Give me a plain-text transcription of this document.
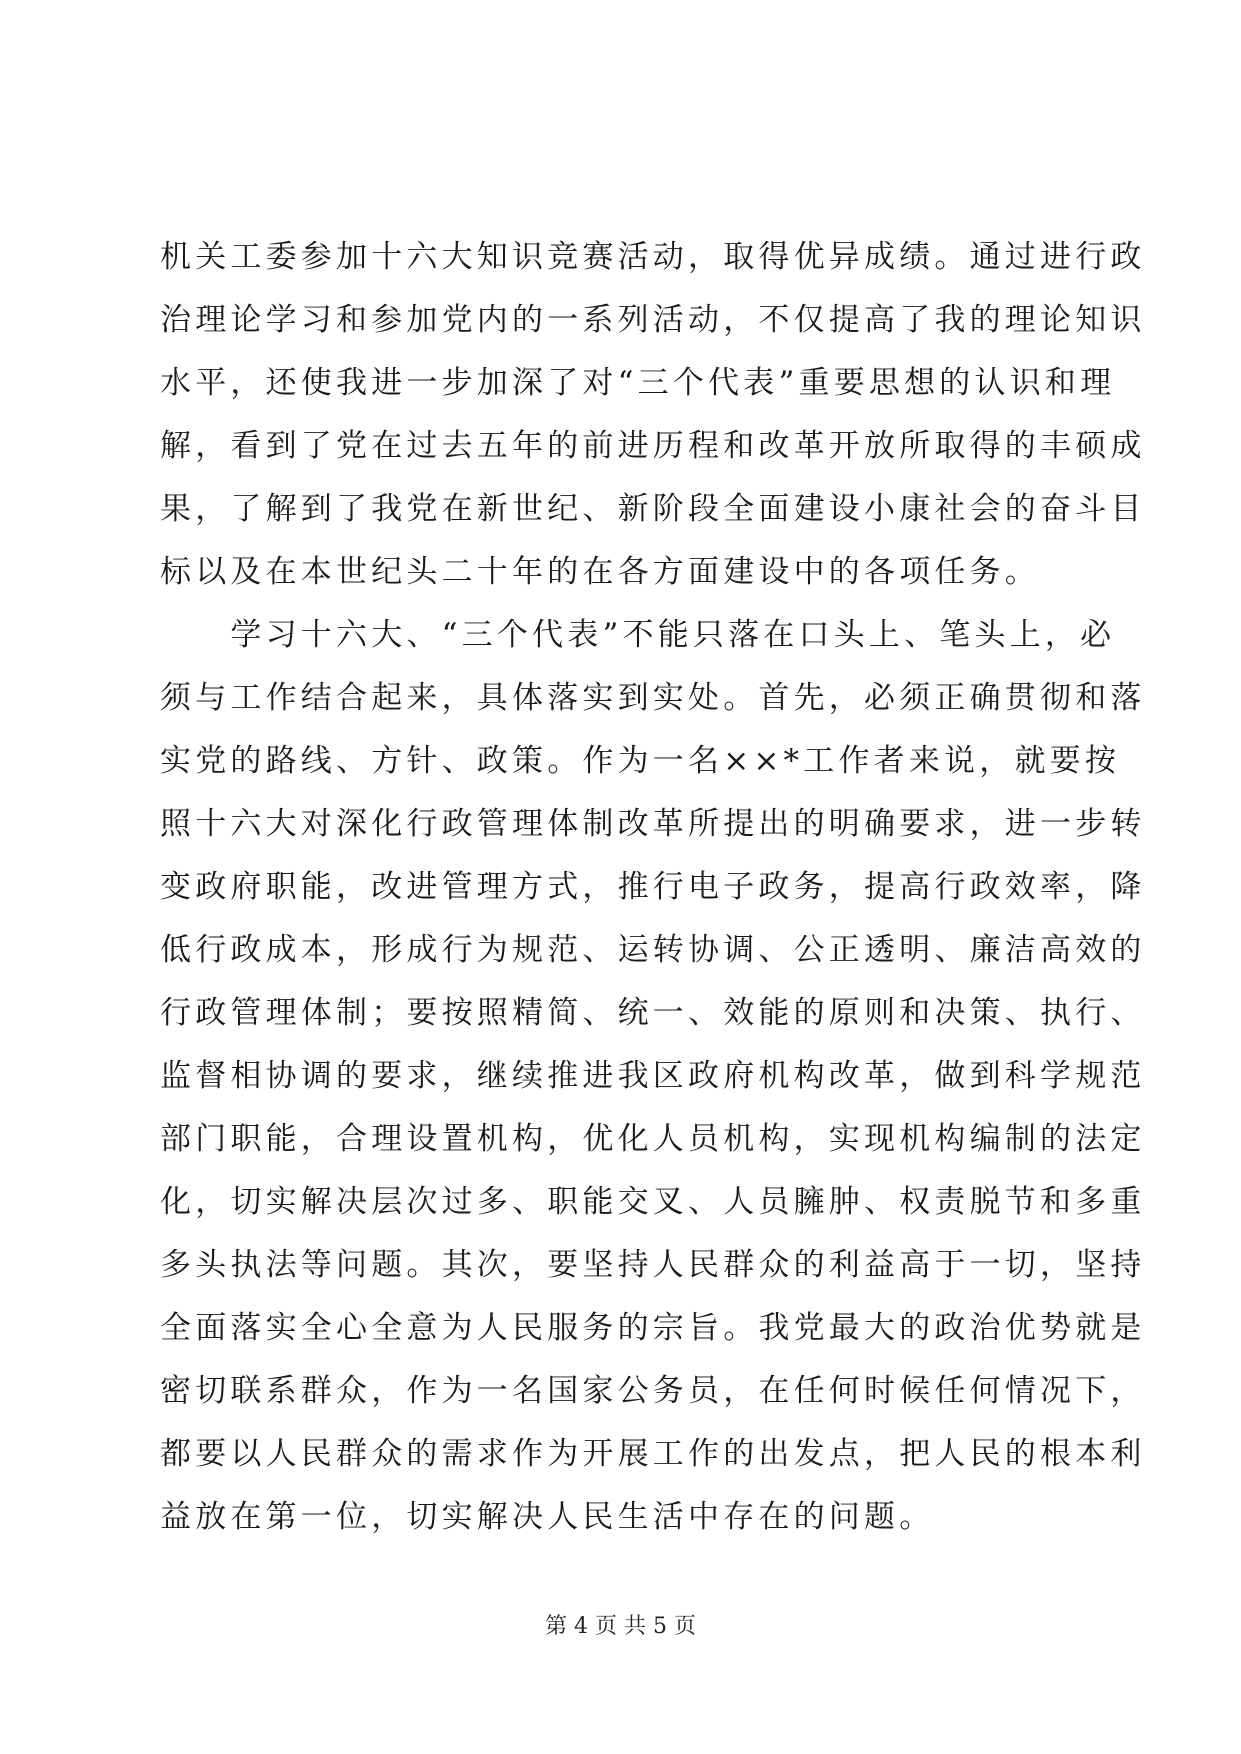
机关工委参加十六大知识竞赛活动，取得优异成绩。通过进行政
治理论学习和参加党内的一系列活动，不仅提高了我的理论知识
水平，还使我进一步加深了对“三个代表”重要思想的认识和理
解，看到了党在过去五年的前进历程和改革开放所取得的丰硕成
果，了解到了我党在新世纪、新阶段全面建设小康社会的奋斗目
标以及在本世纪头二十年的在各方面建设中的各项任务。
　　学习十六大、“三个代表”不能只落在口头上、笔头上，必
须与工作结合起来，具体落实到实处。首先，必须正确贯彻和落
实党的路线、方针、政策。作为一名××*工作者来说，就要按
照十六大对深化行政管理体制改革所提出的明确要求，进一步转
变政府职能，改进管理方式，推行电子政务，提高行政效率，降
低行政成本，形成行为规范、运转协调、公正透明、廉洁高效的
行政管理体制；要按照精简、统一、效能的原则和决策、执行、
监督相协调的要求，继续推进我区政府机构改革，做到科学规范
部门职能，合理设置机构，优化人员机构，实现机构编制的法定
化，切实解决层次过多、职能交叉、人员臃肿、权责脱节和多重
多头执法等问题。其次，要坚持人民群众的利益高于一切，坚持
全面落实全心全意为人民服务的宗旨。我党最大的政治优势就是
密切联系群众，作为一名国家公务员，在任何时候任何情况下，
都要以人民群众的需求作为开展工作的出发点，把人民的根本利
益放在第一位，切实解决人民生活中存在的问题。
第 4 页 共 5 页
